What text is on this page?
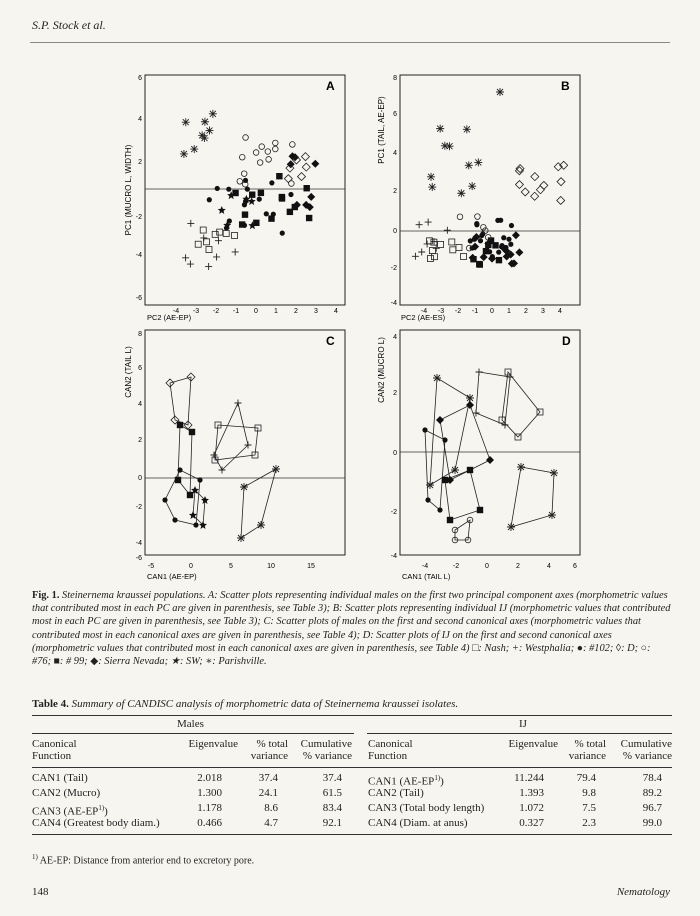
S.P. Stock et al.
A
PC1 (MUCRO L, WIDTH)
PC2 (AE-EP)
6
4
2
-2
-4
-6
-4 -3 -2 -1 0 1 2 3 4
B
PC1 (TAIL, AE-EP)
PC2 (AE-ES)
8
6
4
2
0
-2
-4
-4 -3 -2 -1 0 1 2 3 4
C
CAN2 (TAIL L)
CAN1 (AE-EP)
8
6
4
2
0
-2
-4
-6
-5	0	5	10	15
D
CAN2 (MUCRO L)
CAN1 (TAIL L)
4
2
0
-2
-4
-4	-2	0	2	4	6
Fig. 1. Steinernema kraussei populations. A: Scatter plots representing individual males on the first two principal component axes (morphometric values that contributed most in each PC are given in parenthesis, see Table 3); B: Scatter plots representing individual IJ (morphometric values that contributed most in each PC are given in parenthesis, see Table 3); C: Scatter plots of males on the first and second canonical axes (morphometric values that contributed most in each canonical axes are given in parenthesis, see Table 4); D: Scatter plots of IJ on the first and second canonical axes (morphometric values that contributed most in each canonical axes are given in parenthesis, see Table 4) □: Nash; +: Westphalia; ●: #102; ◊: D; ○: #76; ■: # 99; ◆: Sierra Nevada; ★: SW; ∗: Parishville.
Table 4. Summary of CANDISC analysis of morphometric data of Steinernema kraussei isolates.
Males	IJ
Canonical
Function
Eigenvalue	% total
variance
Cumulative
% variance
Canonical
Function
Eigenvalue	% total
variance
Cumulative
% variance
CAN1 (Tail)	2.018	37.4	37.4
CAN2 (Mucro)	1.300	24.1	61.5
CAN3 (AE-EP$^{1)}$)	1.178	8.6	83.4
CAN4 (Greatest body diam.)	0.466	4.7	92.1
CAN1 (AE-EP$^{1)}$)	11.244	79.4	78.4
CAN2 (Tail)	1.393	9.8	89.2
CAN3 (Total body length)	1.072	7.5	96.7
CAN4 (Diam. at anus)	0.327	2.3	99.0
$^{1)}$ AE-EP: Distance from anterior end to excretory pore.
148	Nematology
